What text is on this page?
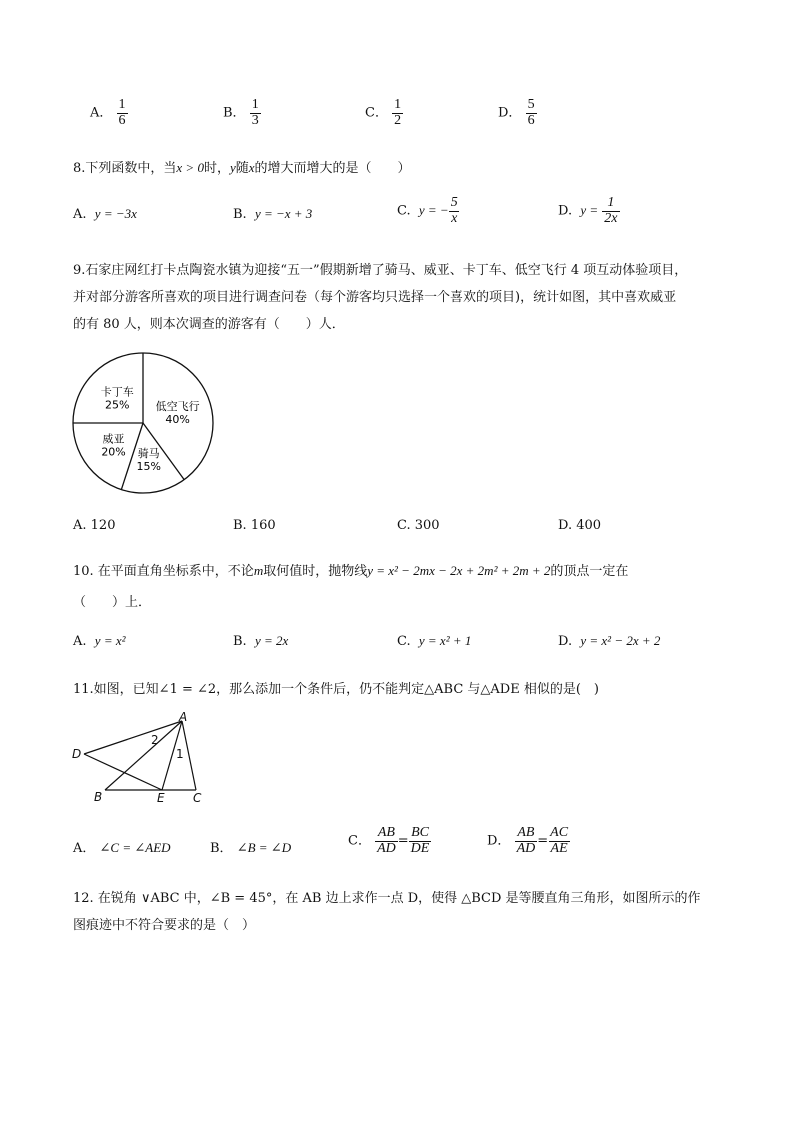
A． $\frac{1}{6}$	B． $\frac{1}{3}$	C． $\frac{1}{2}$	D． $\frac{5}{6}$
8.下列函数中，当x > 0时，y随x的增大而增大的是（　　）
A. y = −3x	B. y = −x + 3	C. y = − $\frac{5}{x}$	D. $y = \frac{1}{2x}$
9.石家庄网红打卡点陶瓷水镇为迎接“五一”假期新增了骑马、威亚、卡丁车、低空飞行 4 项互动体验项目，
并对部分游客所喜欢的项目进行调查问卷（每个游客均只选择一个喜欢的项目)，统计如图，其中喜欢威亚
的有 80 人，则本次调查的游客有（　　）人．
低空飞行
40%
骑马
15%
威亚
20%
卡丁车
25%
A. 120	B. 160	C. 300	D. 400
10. 在平面直角坐标系中，不论m取何值时，抛物线y = x² − 2mx − 2x + 2m² + 2m + 2的顶点一定在
（　　）上．
A. y = x²	B. y = 2x	C. y = x² + 1	D. y = x² − 2x + 2
11.如图，已知∠1 = ∠2，那么添加一个条件后，仍不能判定△ABC 与△ADE 相似的是(　)
A
D
B	E C
1
2
A． ∠C = ∠AED	B． ∠B = ∠D	C． $\frac{AB}{AD} = \frac{BC}{DE}$	D． $\frac{AB}{AD} = \frac{AC}{AE}$
12. 在锐角 ∨ABC 中，∠B = 45°，在 AB 边上求作一点 D，使得 △BCD 是等腰直角三角形，如图所示的作
图痕迹中不符合要求的是（　）
